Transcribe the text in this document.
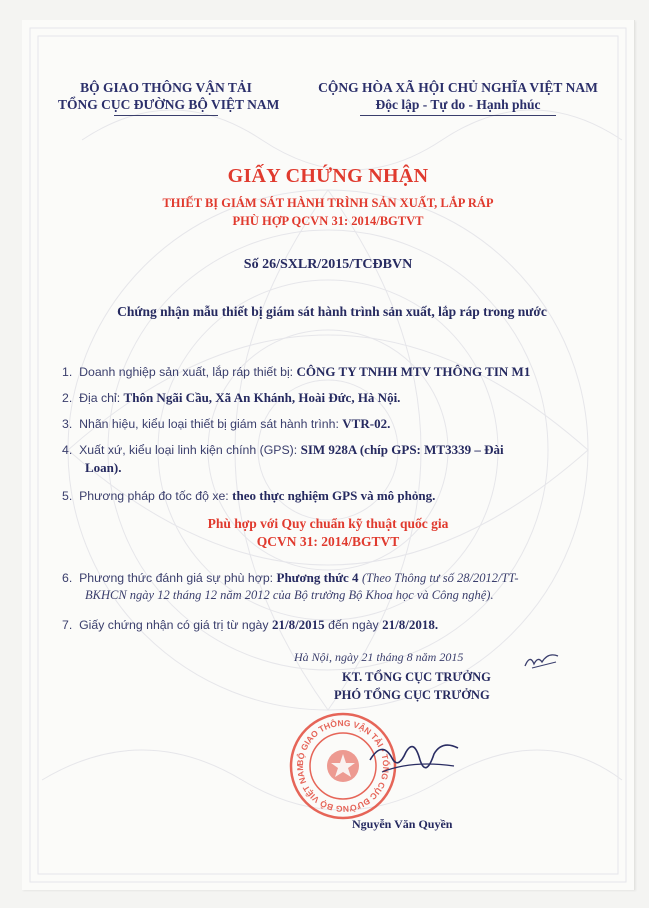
BỘ GIAO THÔNG VẬN TẢI
TỔNG CỤC ĐƯỜNG BỘ VIỆT NAM
CỘNG HÒA XÃ HỘI CHỦ NGHĨA VIỆT NAM
Độc lập - Tự do - Hạnh phúc
GIẤY CHỨNG NHẬN
THIẾT BỊ GIÁM SÁT HÀNH TRÌNH SẢN XUẤT, LẮP RÁP
PHÙ HỢP QCVN 31: 2014/BGTVT
Số 26/SXLR/2015/TCĐBVN
Chứng nhận mẫu thiết bị giám sát hành trình sản xuất, lắp ráp trong nước
1. Doanh nghiệp sản xuất, lắp ráp thiết bị: CÔNG TY TNHH MTV THÔNG TIN M1
2. Địa chỉ: Thôn Ngãi Cầu, Xã An Khánh, Hoài Đức, Hà Nội.
3. Nhãn hiệu, kiểu loại thiết bị giám sát hành trình: VTR-02.
4. Xuất xứ, kiểu loại linh kiện chính (GPS): SIM 928A (chíp GPS: MT3339 – Đài
Loan).
5. Phương pháp đo tốc độ xe: theo thực nghiệm GPS và mô phỏng.
Phù hợp với Quy chuẩn kỹ thuật quốc gia
QCVN 31: 2014/BGTVT
6. Phương thức đánh giá sự phù hợp: Phương thức 4 (Theo Thông tư số 28/2012/TT-
BKHCN ngày 12 tháng 12 năm 2012 của Bộ trưởng Bộ Khoa học và Công nghệ).
7. Giấy chứng nhận có giá trị từ ngày 21/8/2015 đến ngày 21/8/2018.
Hà Nội, ngày 21 tháng 8 năm 2015
KT. TỔNG CỤC TRƯỞNG
PHÓ TỔNG CỤC TRƯỞNG
BỘ GIAO THÔNG VẬN TẢI • TỔNG CỤC ĐƯỜNG BỘ VIỆT NAM
Nguyễn Văn Quyền
